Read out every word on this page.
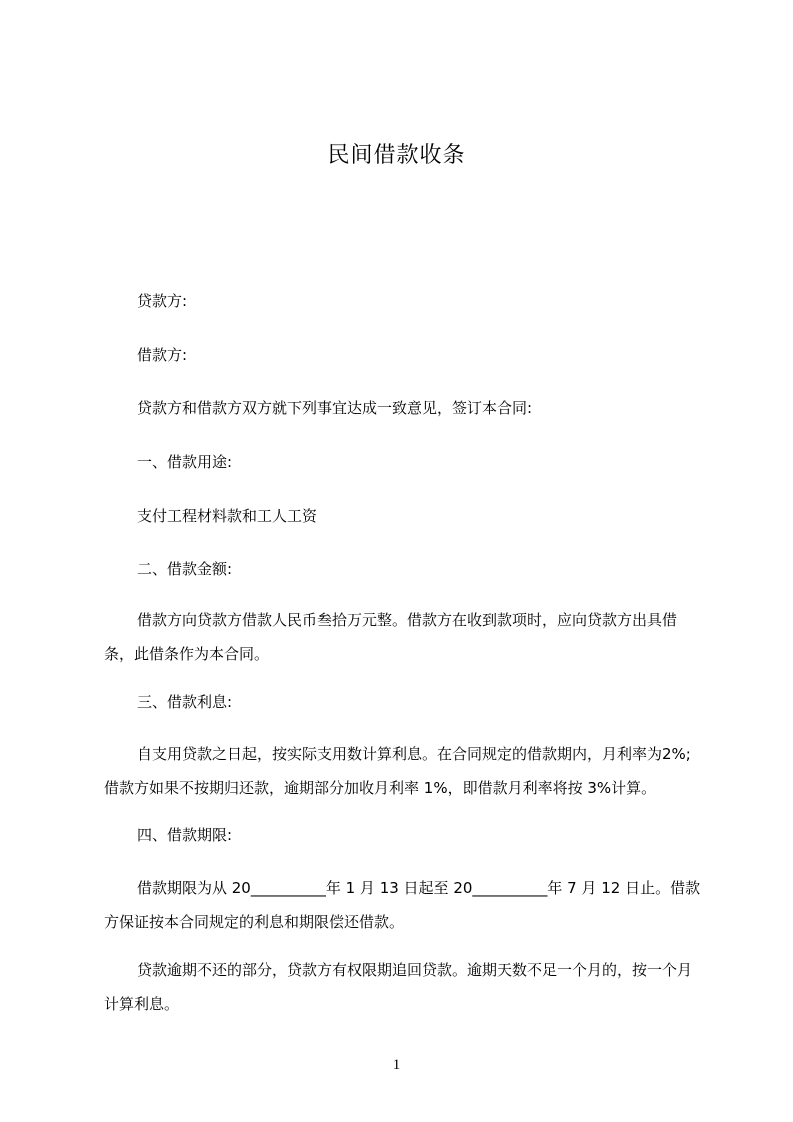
民间借款收条

贷款方:

借款方:

贷款方和借款方双方就下列事宜达成一致意见，签订本合同:

一、借款用途:

支付工程材料款和工人工资

二、借款金额:

借款方向贷款方借款人民币叁拾万元整。借款方在收到款项时，应向贷款方出具借条，此借条作为本合同。

三、借款利息:

自支用贷款之日起，按实际支用数计算利息。在合同规定的借款期内，月利率为2%;借款方如果不按期归还款，逾期部分加收月利率 1%，即借款月利率将按 3%计算。

四、借款期限:

借款期限为从 20__________年 1 月 13 日起至 20__________年 7 月 12 日止。借款方保证按本合同规定的利息和期限偿还借款。

贷款逾期不还的部分，贷款方有权限期追回贷款。逾期天数不足一个月的，按一个月计算利息。

1
